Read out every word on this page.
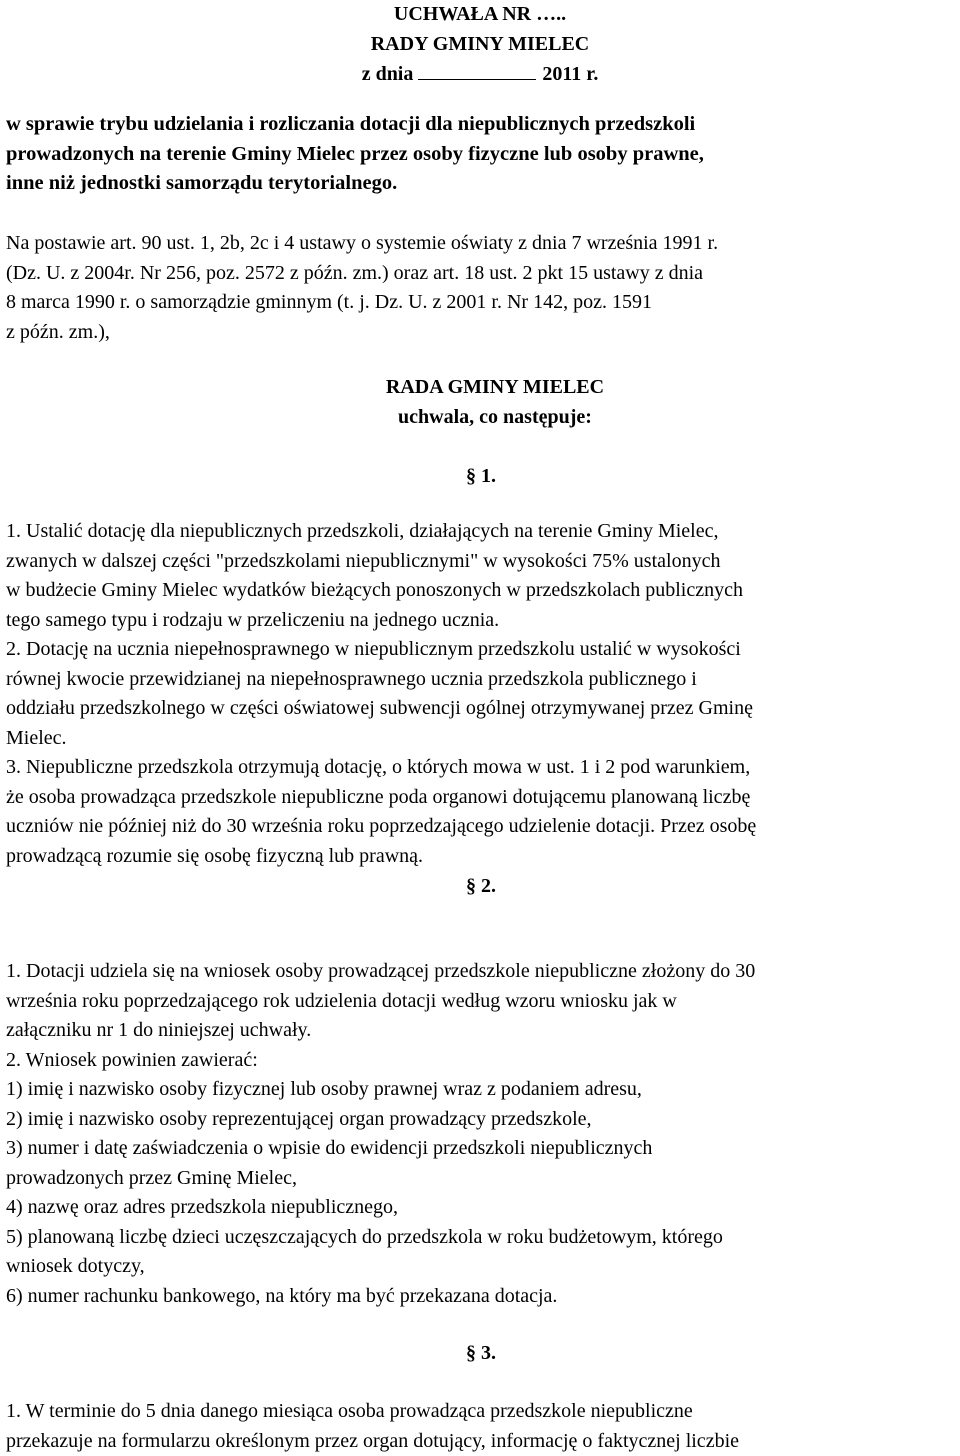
UCHWAŁA NR …..
RADY GMINY MIELEC
z dnia	2011 r.
w sprawie trybu udzielania i rozliczania dotacji dla niepublicznych przedszkoli
prowadzonych na terenie Gminy Mielec przez osoby fizyczne lub osoby prawne,
inne niż jednostki samorządu terytorialnego.
Na postawie art. 90 ust. 1, 2b, 2c i 4 ustawy o systemie oświaty z dnia 7 września 1991 r.
(Dz. U. z 2004r. Nr 256, poz. 2572 z późn. zm.) oraz art. 18 ust. 2 pkt 15 ustawy z dnia
8 marca 1990 r. o samorządzie gminnym (t. j. Dz. U. z 2001 r. Nr 142, poz. 1591
z późn. zm.),
RADA GMINY MIELEC
uchwala, co następuje:
§ 1.

1. Ustalić dotację dla niepublicznych przedszkoli, działających na terenie Gminy Mielec,

zwanych w dalszej części "przedszkolami niepublicznymi" w wysokości 75% ustalonych

w budżecie Gminy Mielec wydatków bieżących ponoszonych w przedszkolach publicznych

tego samego typu i rodzaju w przeliczeniu na jednego ucznia.

2. Dotację na ucznia niepełnosprawnego w niepublicznym przedszkolu ustalić w wysokości

równej kwocie przewidzianej na niepełnosprawnego ucznia przedszkola publicznego i

oddziału przedszkolnego w części oświatowej subwencji ogólnej otrzymywanej przez Gminę

Mielec.

3. Niepubliczne przedszkola otrzymują dotację, o których mowa w ust. 1 i 2 pod warunkiem,

że osoba prowadząca przedszkole niepubliczne poda organowi dotującemu planowaną liczbę

uczniów nie później niż do 30 września roku poprzedzającego udzielenie dotacji. Przez osobę

prowadzącą rozumie się osobę fizyczną lub prawną.

§ 2.

1. Dotacji udziela się na wniosek osoby prowadzącej przedszkole niepubliczne złożony do 30

września roku poprzedzającego rok udzielenia dotacji według wzoru wniosku jak w

załączniku nr 1 do niniejszej uchwały.

2. Wniosek powinien zawierać:

1) imię i nazwisko osoby fizycznej lub osoby prawnej wraz z podaniem adresu,

2) imię i nazwisko osoby reprezentującej organ prowadzący przedszkole,

3) numer i datę zaświadczenia o wpisie do ewidencji przedszkoli niepublicznych

prowadzonych przez Gminę Mielec,

4) nazwę oraz adres przedszkola niepublicznego,

5) planowaną liczbę dzieci uczęszczających do przedszkola w roku budżetowym, którego

wniosek dotyczy,

6) numer rachunku bankowego, na który ma być przekazana dotacja.

§ 3.

1. W terminie do 5 dnia danego miesiąca osoba prowadząca przedszkole niepubliczne

przekazuje na formularzu określonym przez organ dotujący, informację o faktycznej liczbie
